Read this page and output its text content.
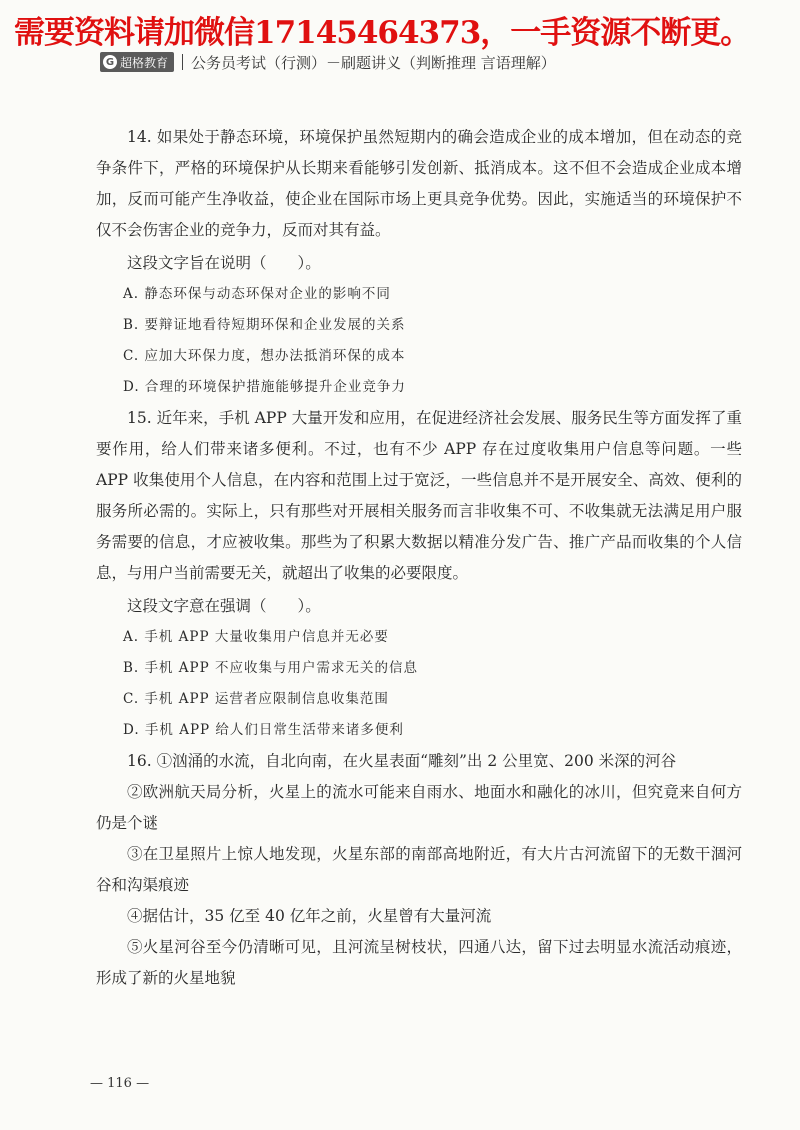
需要资料请加微信17145464373，一手资源不断更。
G 超格教育 公务员考试（行测）－刷题讲义（判断推理 言语理解）

14. 如果处于静态环境，环境保护虽然短期内的确会造成企业的成本增加，但在动态的竞争条件下，严格的环境保护从长期来看能够引发创新、抵消成本。这不但不会造成企业成本增加，反而可能产生净收益，使企业在国际市场上更具竞争优势。因此，实施适当的环境保护不仅不会伤害企业的竞争力，反而对其有益。

这段文字旨在说明（　　）。

A. 静态环保与动态环保对企业的影响不同

B. 要辩证地看待短期环保和企业发展的关系

C. 应加大环保力度，想办法抵消环保的成本

D. 合理的环境保护措施能够提升企业竞争力

15. 近年来，手机 APP 大量开发和应用，在促进经济社会发展、服务民生等方面发挥了重要作用，给人们带来诸多便利。不过，也有不少 APP 存在过度收集用户信息等问题。一些 APP 收集使用个人信息，在内容和范围上过于宽泛，一些信息并不是开展安全、高效、便利的服务所必需的。实际上，只有那些对开展相关服务而言非收集不可、不收集就无法满足用户服务需要的信息，才应被收集。那些为了积累大数据以精准分发广告、推广产品而收集的个人信息，与用户当前需要无关，就超出了收集的必要限度。

这段文字意在强调（　　）。

A. 手机 APP 大量收集用户信息并无必要

B. 手机 APP 不应收集与用户需求无关的信息

C. 手机 APP 运营者应限制信息收集范围

D. 手机 APP 给人们日常生活带来诸多便利

16. ①汹涌的水流，自北向南，在火星表面“雕刻”出 2 公里宽、200 米深的河谷

②欧洲航天局分析，火星上的流水可能来自雨水、地面水和融化的冰川，但究竟来自何方仍是个谜

③在卫星照片上惊人地发现，火星东部的南部高地附近，有大片古河流留下的无数干涸河谷和沟渠痕迹

④据估计，35 亿至 40 亿年之前，火星曾有大量河流

⑤火星河谷至今仍清晰可见，且河流呈树枝状，四通八达，留下过去明显水流活动痕迹，形成了新的火星地貌

— 116 —
